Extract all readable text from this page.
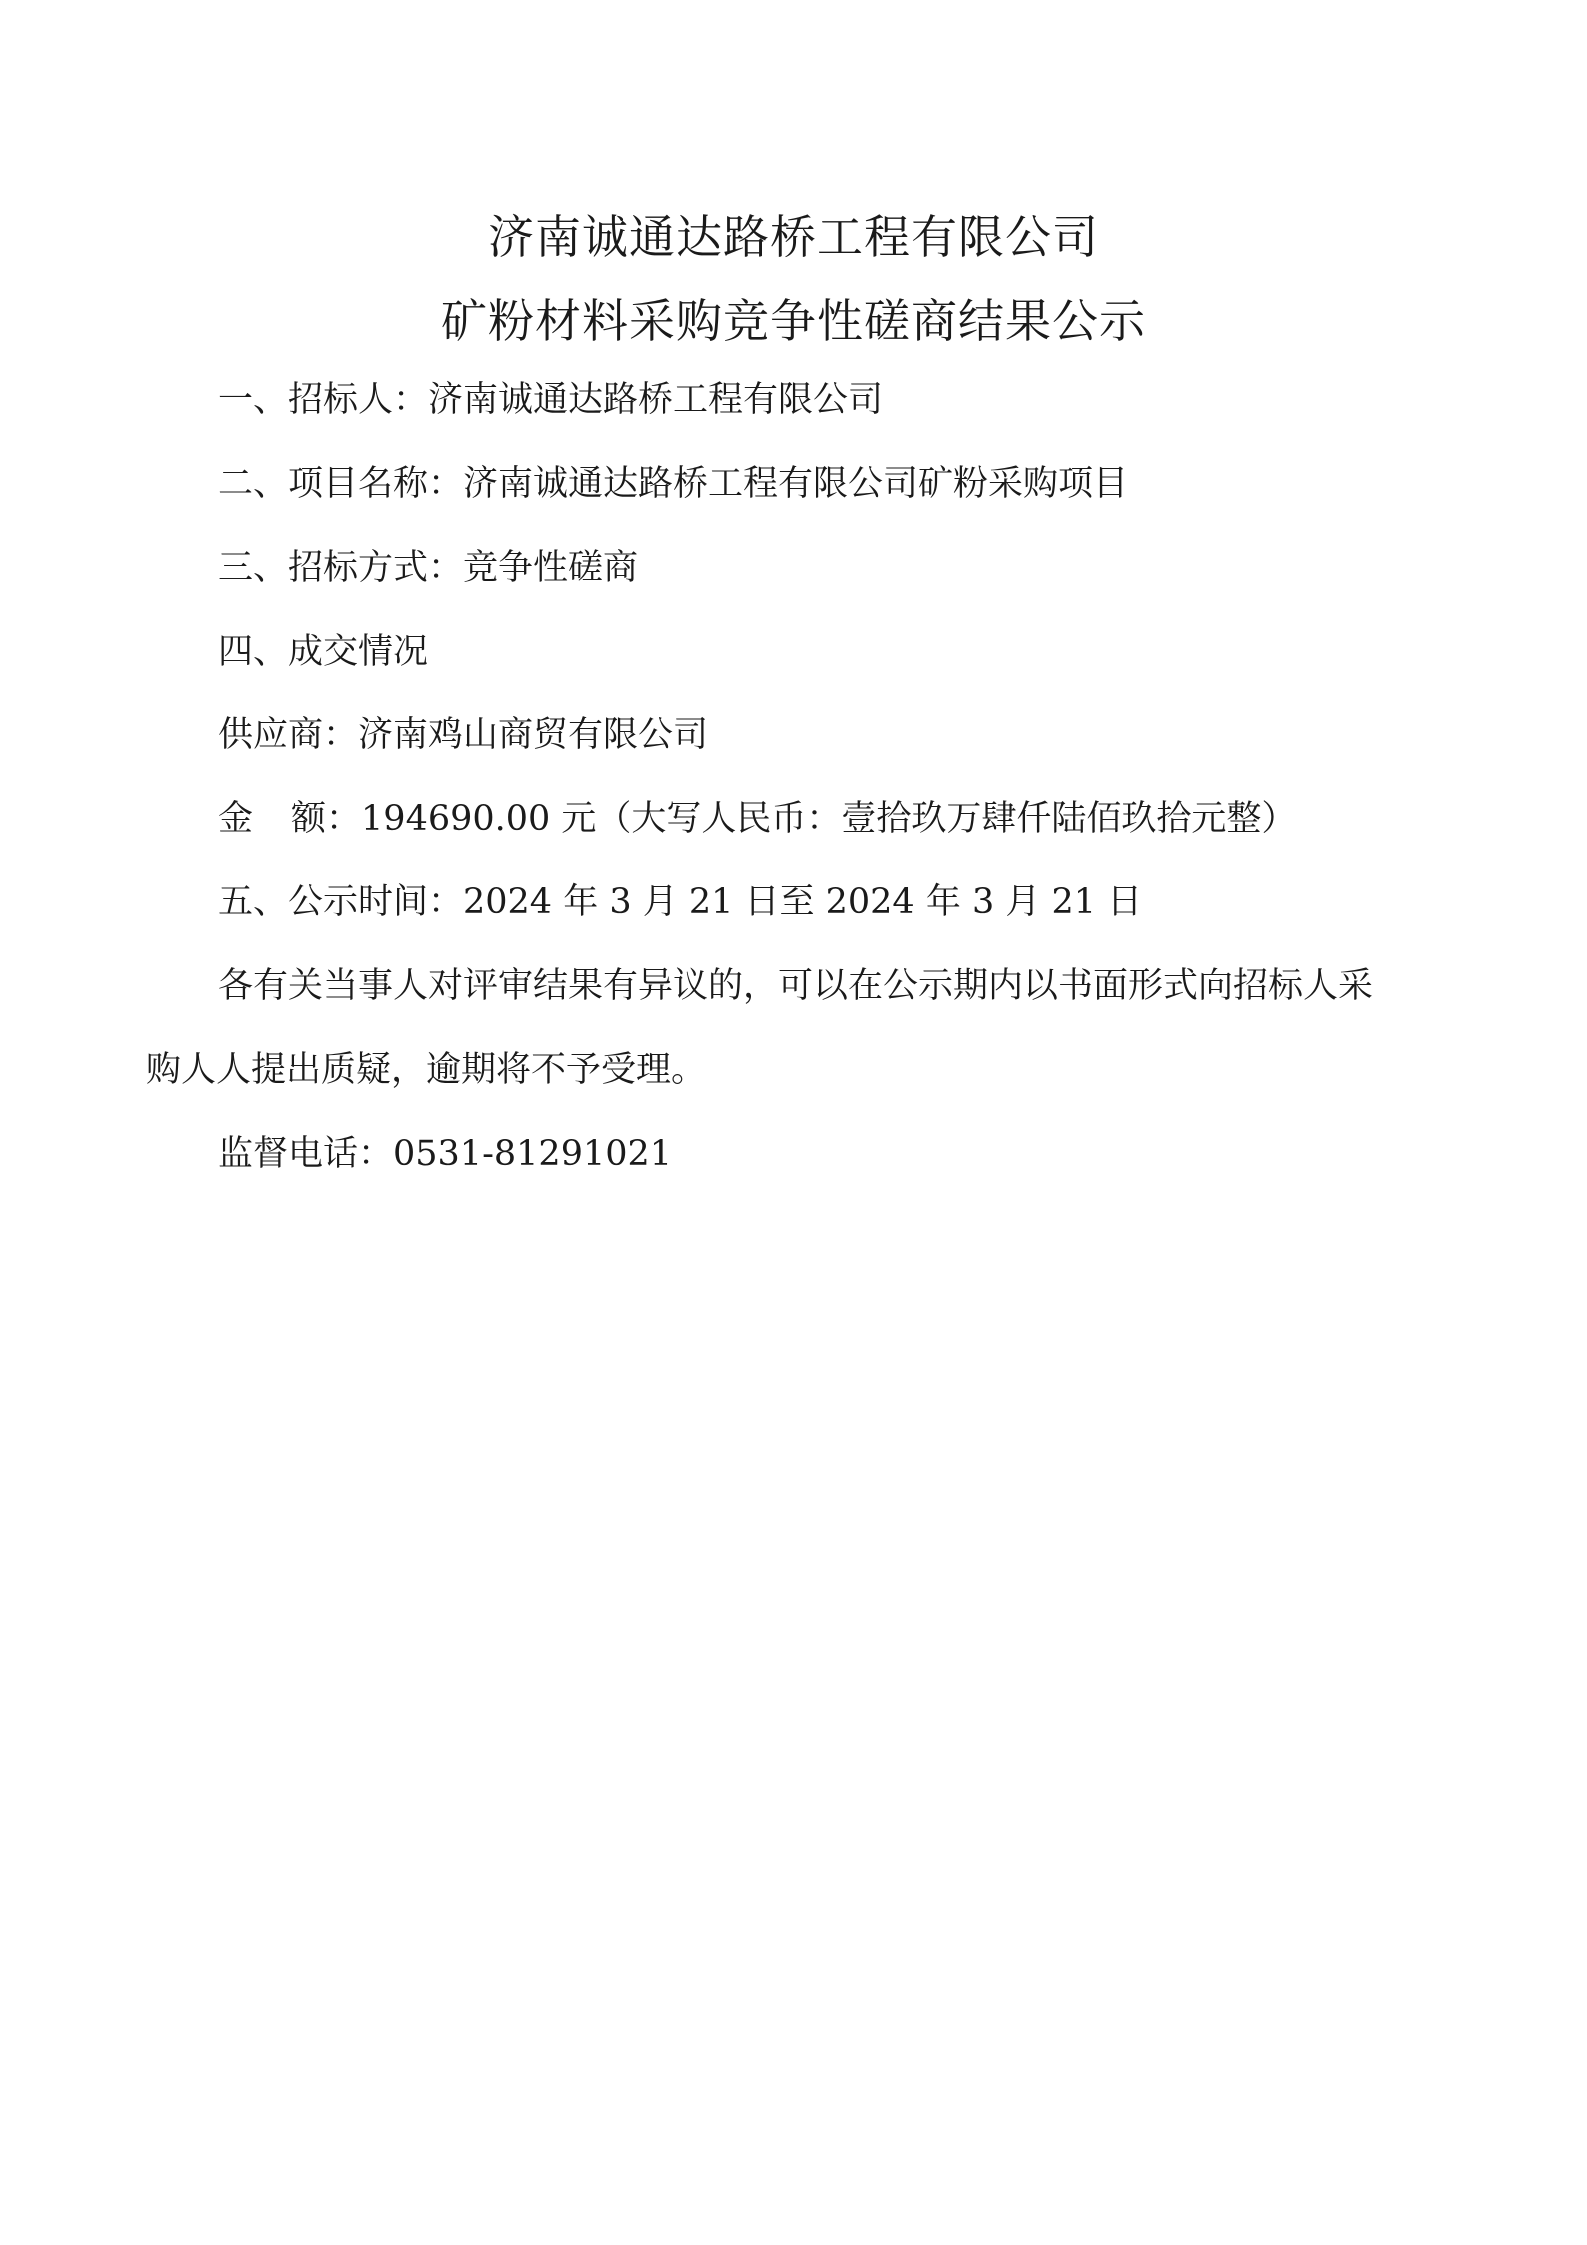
济南诚通达路桥工程有限公司
矿粉材料采购竞争性磋商结果公示
一、招标人：济南诚通达路桥工程有限公司
二、项目名称：济南诚通达路桥工程有限公司矿粉采购项目
三、招标方式：竞争性磋商
四、成交情况
供应商：济南鸡山商贸有限公司
金 额：194690.00 元（大写人民币：壹拾玖万肆仟陆佰玖拾元整）
五、公示时间：2024 年 3 月 21 日至 2024 年 3 月 21 日
各有关当事人对评审结果有异议的，可以在公示期内以书面形式向招标人采
购人人提出质疑，逾期将不予受理。
监督电话：0531-81291021
